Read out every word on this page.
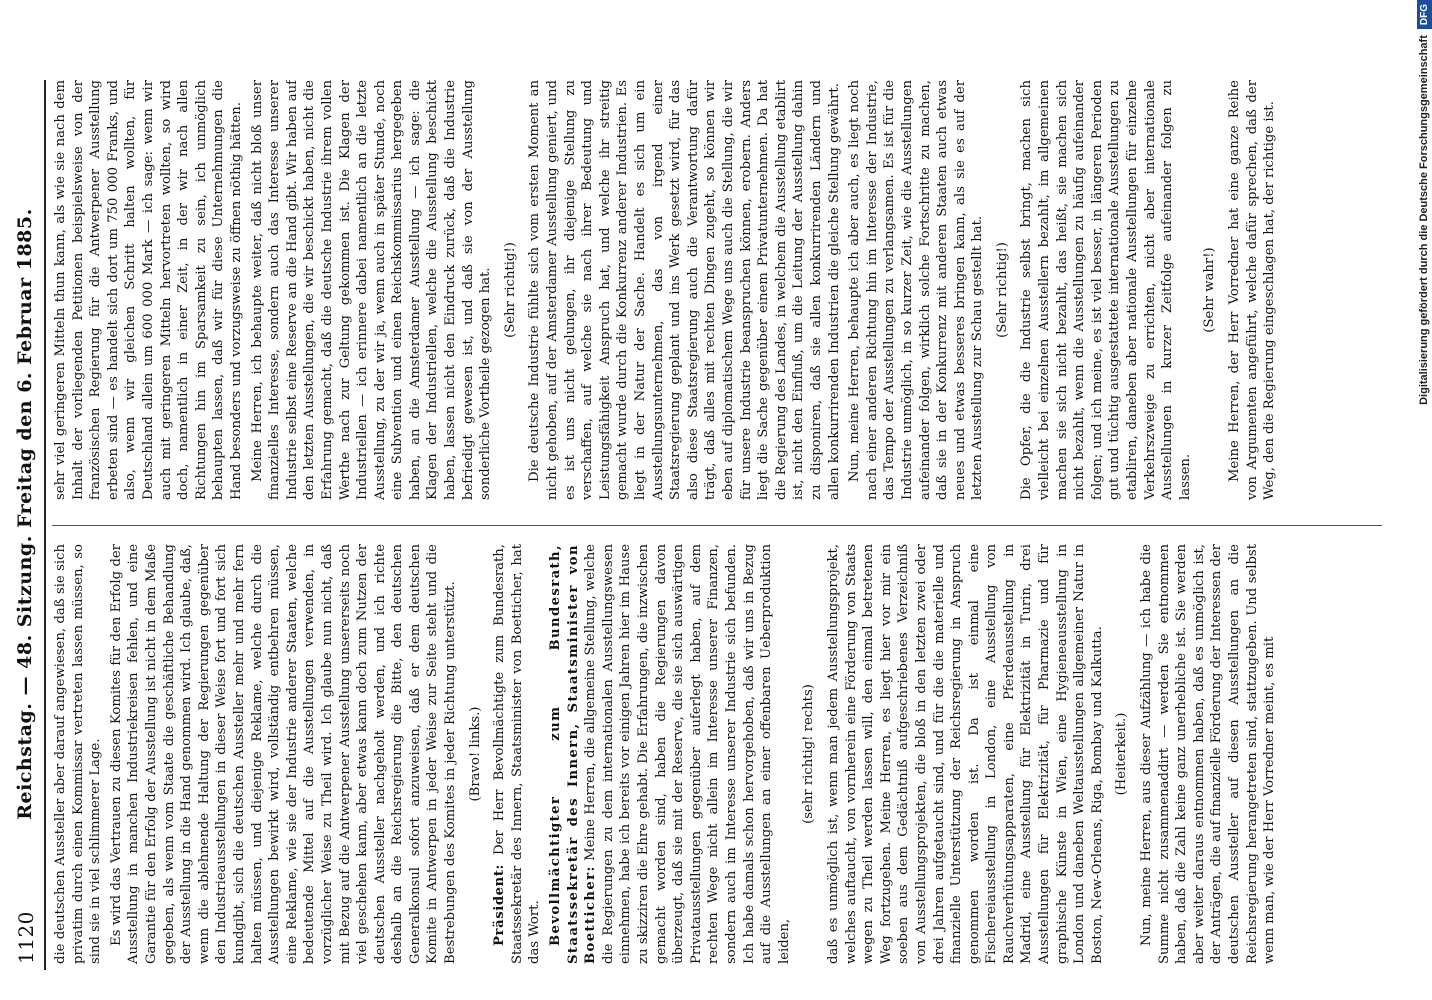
1120
Reichstag. — 48. Sitzung. Freitag den 6. Februar 1885. die deutschen Aussteller aber darauf angewiesen, daß sie sich privatim durch einen Kommissar vertreten lassen müssen, so sind sie in viel schlimmerer Lage. Es wird das Vertrauen zu diesen Komites für den Erfolg der Ausstellung in manchen Industriekreisen fehlen, und eine Garantie für den Erfolg der Ausstellung ist nicht in dem Maße gegeben, als wenn vom Staate die geschäftliche Behandlung der Ausstellung in die Hand genommen wird. Ich glaube, daß, wenn die ablehnende Haltung der Regierungen gegenüber den Industrieausstellungen in dieser Weise fort und fort sich kundgibt, sich die deutschen Aussteller mehr und mehr fern halten müssen, und diejenige Reklame, welche durch die Ausstellungen bewirkt wird, vollständig entbehren müssen, eine Reklame, wie sie der Industrie anderer Staaten, welche bedeutende Mittel auf die Ausstellungen verwenden, in vorzüglicher Weise zu Theil wird. Ich glaube nun nicht, daß mit Bezug auf die Antwerpener Ausstellung unsererseits noch viel geschehen kann, aber etwas kann doch zum Nutzen der deutschen Aussteller nachgeholt werden, und ich richte deshalb an die Reichsregierung die Bitte, den deutschen Generalkonsul sofort anzuweisen, daß er dem deutschen Komite in Antwerpen in jeder Weise zur Seite steht und die Bestrebungen des Komites in jeder Richtung unterstützt. (Bravo! links.)

Präsident: Der Herr Bevollmächtigte zum Bundesrath, Staatssekretär des Innern, Staatsminister von Boetticher, hat das Wort. Bevollmächtigter zum Bundesrath, Staatssekretär des Innern, Staatsminister von Boetticher: Meine Herren, die allgemeine Stellung, welche die Regierungen zu dem internationalen Ausstellungswesen einnehmen, habe ich bereits vor einigen Jahren hier im Hause zu skizziren die Ehre gehabt. Die Erfahrungen, die inzwischen gemacht worden sind, haben die Regierungen davon überzeugt, daß sie mit der Reserve, die sie sich auswärtigen Privatausstellungen gegenüber auferlegt haben, auf dem rechten Wege nicht allein im Interesse unserer Finanzen, sondern auch im Interesse unserer Industrie sich befunden. Ich habe damals schon hervorgehoben, daß wir uns in Bezug auf die Ausstellungen an einer offenbaren Ueberproduktion leiden,

(sehr richtig! rechts) daß es unmöglich ist, wenn man jedem Ausstellungsprojekt, welches auftaucht, von vornherein eine Förderung von Staats wegen zu Theil werden lassen will, den einmal betretenen Weg fortzugehen. Meine Herren, es liegt hier vor mir ein soeben aus dem Gedächtniß aufgeschriebenes Verzeichniß von Ausstellungsprojekten, die bloß in den letzten zwei oder drei Jahren aufgetaucht sind, und für die die materielle und finanzielle Unterstützung der Reichsregierung in Anspruch genommen worden ist. Da ist einmal eine Fischereiausstellung in London, eine Ausstellung von Rauchverhütungsapparaten, eine Pferdeausstellung in Madrid, eine Ausstellung für Elektrizität in Turin, drei Ausstellungen für Elektrizität, für Pharmazie und für graphische Künste in Wien, eine Hygieneausstellung in London und daneben Weltausstellungen allgemeiner Natur in Boston, New-Orleans, Riga, Bombay und Kalkutta. (Heiterkeit.) Nun, meine Herren, aus dieser Aufzählung — ich habe die Summe nicht zusammenaddirt — werden Sie entnommen haben, daß die Zahl keine ganz unerhebliche ist. Sie werden aber weiter daraus entnommen haben, daß es unmöglich ist, der Anträgen, die auf finanzielle Förderung der Interessen der deutschen Aussteller auf diesen Ausstellungen an die Reichsregierung herangetreten sind, stattzugeben. Und selbst wenn man, wie der Herr Vorredner meint, es mit

sehr viel geringeren Mitteln thun kann, als wie sie nach dem Inhalt der vorliegenden Petitionen beispielsweise von der französischen Regierung für die Antwerpener Ausstellung erbeten sind — es handelt sich dort um 750 000 Franks, und also, wenn wir gleichen Schritt halten wollten, für Deutschland allein um 600 000 Mark — ich sage: wenn wir auch mit geringeren Mitteln hervortreten wollten, so wird doch, namentlich in einer Zeit, in der wir nach allen Richtungen hin im Sparsamkeit zu sein, ich unmöglich behaupten lassen, daß wir für diese Unternehmungen die Hand besonders und vorzugsweise zu öffnen nöthig hätten. Meine Herren, ich behaupte weiter, daß nicht bloß unser finanzielles Interesse, sondern auch das Interesse unserer Industrie selbst eine Reserve an die Hand gibt. Wir haben auf den letzten Ausstellungen, die wir beschickt haben, nicht die Erfahrung gemacht, daß die deutsche Industrie ihrem vollen Werthe nach zur Geltung gekommen ist. Die Klagen der Industriellen — ich erinnere dabei namentlich an die letzte Ausstellung, zu der wir ja, wenn auch in später Stunde, noch eine Subvention und einen Reichskommissarius hergegeben haben, an die Amsterdamer Ausstellung — ich sage: die Klagen der Industriellen, welche die Ausstellung beschickt haben, lassen nicht den Eindruck zurück, daß die Industrie befriedigt gewesen ist, und daß sie von der Ausstellung sonderliche Vortheile gezogen hat. (Sehr richtig!) Die deutsche Industrie fühlte sich vom ersten Moment an nicht gehoben, auf der Amsterdamer Ausstellung geniert, und es ist uns nicht gelungen, ihr diejenige Stellung zu verschaffen, auf welche sie nach ihrer Bedeutung und Leistungsfähigkeit Anspruch hat, und welche ihr streitig gemacht wurde durch die Konkurrenz anderer Industrien. Es liegt in der Natur der Sache. Handelt es sich um ein Ausstellungsunternehmen, das von irgend einer Staatsregierung geplant und ins Werk gesetzt wird, für das also diese Staatsregierung auch die Verantwortung dafür trägt, daß alles mit rechten Dingen zugeht, so können wir eben auf diplomatischem Wege uns auch die Stellung, die wir für unsere Industrie beanspruchen können, erobern. Anders liegt die Sache gegenüber einem Privatunternehmen. Da hat die Regierung des Landes, in welchem die Ausstellung etablirt ist, nicht den Einfluß, um die Leitung der Ausstellung dahin zu disponiren, daß sie allen konkurrirenden Ländern und allen konkurrirenden Industrien die gleiche Stellung gewährt. Nun, meine Herren, behaupte ich aber auch, es liegt noch nach einer anderen Richtung hin im Interesse der Industrie, das Tempo der Ausstellungen zu verlangsamen. Es ist für die Industrie unmöglich, in so kurzer Zeit, wie die Ausstellungen aufeinander folgen, wirklich solche Fortschritte zu machen, daß sie in der Konkurrenz mit anderen Staaten auch etwas neues und etwas besseres bringen kann, als sie es auf der letzten Ausstellung zur Schau gestellt hat. (Sehr richtig!) Die Opfer, die die Industrie selbst bringt, machen sich vielleicht bei einzelnen Ausstellern bezahlt, im allgemeinen machen sie sich nicht bezahlt, das heißt, sie machen sich nicht bezahlt, wenn die Ausstellungen zu häufig aufeinander folgen; und ich meine, es ist viel besser, in längeren Perioden gut und tüchtig ausgestattete internationale Ausstellungen zu etabliren, daneben aber nationale Ausstellungen für einzelne Verkehrszweige zu errichten, nicht aber internationale Ausstellungen in kurzer Zeitfolge aufeinander folgen zu lassen.

(Sehr wahr!) Meine Herren, der Herr Vorredner hat eine ganze Reihe von Argumenten angeführt, welche dafür sprechen, daß der Weg, den die Regierung eingeschlagen hat, der richtige ist.	Digitalisierung gefördert durch die Deutsche ForschungsgemeinschaftDFG
